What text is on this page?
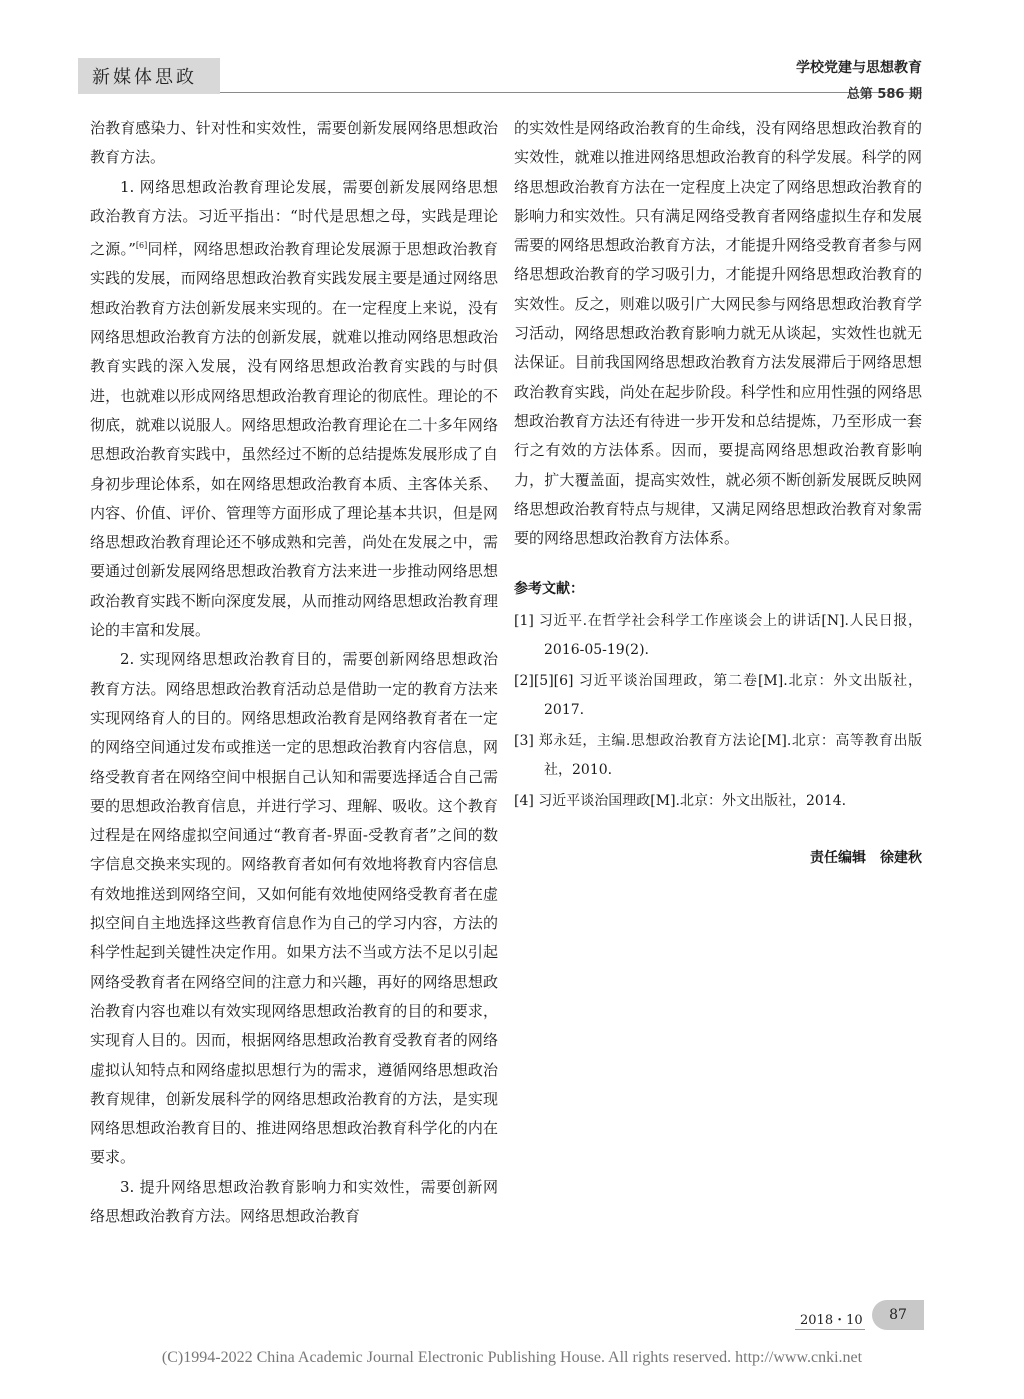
新媒体思政	学校党建与思想教育
总第 586 期

治教育感染力、针对性和实效性，需要创新发展网络思想政治教育方法。

1. 网络思想政治教育理论发展，需要创新发展网络思想政治教育方法。习近平指出：“时代是思想之母，实践是理论之源。”[6]同样，网络思想政治教育理论发展源于思想政治教育实践的发展，而网络思想政治教育实践发展主要是通过网络思想政治教育方法创新发展来实现的。在一定程度上来说，没有网络思想政治教育方法的创新发展，就难以推动网络思想政治教育实践的深入发展，没有网络思想政治教育实践的与时俱进，也就难以形成网络思想政治教育理论的彻底性。理论的不彻底，就难以说服人。网络思想政治教育理论在二十多年网络思想政治教育实践中，虽然经过不断的总结提炼发展形成了自身初步理论体系，如在网络思想政治教育本质、主客体关系、内容、价值、评价、管理等方面形成了理论基本共识，但是网络思想政治教育理论还不够成熟和完善，尚处在发展之中，需要通过创新发展网络思想政治教育方法来进一步推动网络思想政治教育实践不断向深度发展，从而推动网络思想政治教育理论的丰富和发展。

2. 实现网络思想政治教育目的，需要创新网络思想政治教育方法。网络思想政治教育活动总是借助一定的教育方法来实现网络育人的目的。网络思想政治教育是网络教育者在一定的网络空间通过发布或推送一定的思想政治教育内容信息，网络受教育者在网络空间中根据自己认知和需要选择适合自己需要的思想政治教育信息，并进行学习、理解、吸收。这个教育过程是在网络虚拟空间通过“教育者-界面-受教育者”之间的数字信息交换来实现的。网络教育者如何有效地将教育内容信息有效地推送到网络空间，又如何能有效地使网络受教育者在虚拟空间自主地选择这些教育信息作为自己的学习内容，方法的科学性起到关键性决定作用。如果方法不当或方法不足以引起网络受教育者在网络空间的注意力和兴趣，再好的网络思想政治教育内容也难以有效实现网络思想政治教育的目的和要求，实现育人目的。因而，根据网络思想政治教育受教育者的网络虚拟认知特点和网络虚拟思想行为的需求，遵循网络思想政治教育规律，创新发展科学的网络思想政治教育的方法，是实现网络思想政治教育目的、推进网络思想政治教育科学化的内在要求。

3. 提升网络思想政治教育影响力和实效性，需要创新网络思想政治教育方法。网络思想政治教育

的实效性是网络政治教育的生命线，没有网络思想政治教育的实效性，就难以推进网络思想政治教育的科学发展。科学的网络思想政治教育方法在一定程度上决定了网络思想政治教育的影响力和实效性。只有满足网络受教育者网络虚拟生存和发展需要的网络思想政治教育方法，才能提升网络受教育者参与网络思想政治教育的学习吸引力，才能提升网络思想政治教育的实效性。反之，则难以吸引广大网民参与网络思想政治教育学习活动，网络思想政治教育影响力就无从谈起，实效性也就无法保证。目前我国网络思想政治教育方法发展滞后于网络思想政治教育实践，尚处在起步阶段。科学性和应用性强的网络思想政治教育方法还有待进一步开发和总结提炼，乃至形成一套行之有效的方法体系。因而，要提高网络思想政治教育影响力，扩大覆盖面，提高实效性，就必须不断创新发展既反映网络思想政治教育特点与规律，又满足网络思想政治教育对象需要的网络思想政治教育方法体系。

参考文献：

[1] 习近平.在哲学社会科学工作座谈会上的讲话[N].人民日报，2016-05-19(2).

[2][5][6] 习近平谈治国理政，第二卷[M].北京：外文出版社，2017.

[3] 郑永廷，主编.思想政治教育方法论[M].北京：高等教育出版社，2010.

[4] 习近平谈治国理政[M].北京：外文出版社，2014.

责任编辑　徐建秋

2018・10	87
(C)1994-2022 China Academic Journal Electronic Publishing House. All rights reserved. http://www.cnki.net
